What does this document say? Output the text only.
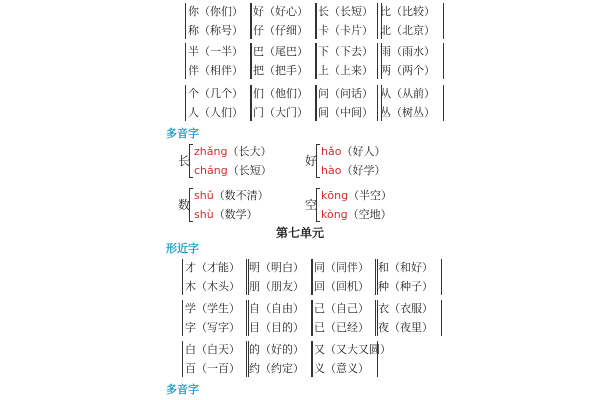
你（你们）
称（称号）
好（好心）
仔（仔细）
长（长短）
卡（卡片）
比（比较）
北（北京）
半（一半）
伴（相伴）
巴（尾巴）
把（把手）
下（下去）
上（上来）
雨（雨水）
两（两个）
个（几个）
人（人们）
们（他们）
门（大门）
问（问话）
间（中间）
从（从前）
丛（树丛）
多音字
长
zhǎng（长大）
cháng（长短）
好
hǎo（好人）
hào（好学）
数
shǔ（数不清）
shù（数学）
空
kōng（半空）
kòng（空地）
第七单元
形近字
才（才能）
木（木头）
明（明白）
朋（朋友）
同（同伴）
回（回机）
和（和好）
种（种子）
学（学生）
字（写字）
自（自由）
目（目的）
己（自己）
已（已经）
衣（衣服）
夜（夜里）
白（白天）
百（一百）
的（好的）
约（约定）
又（又大又圆）
义（意义）
多音字
